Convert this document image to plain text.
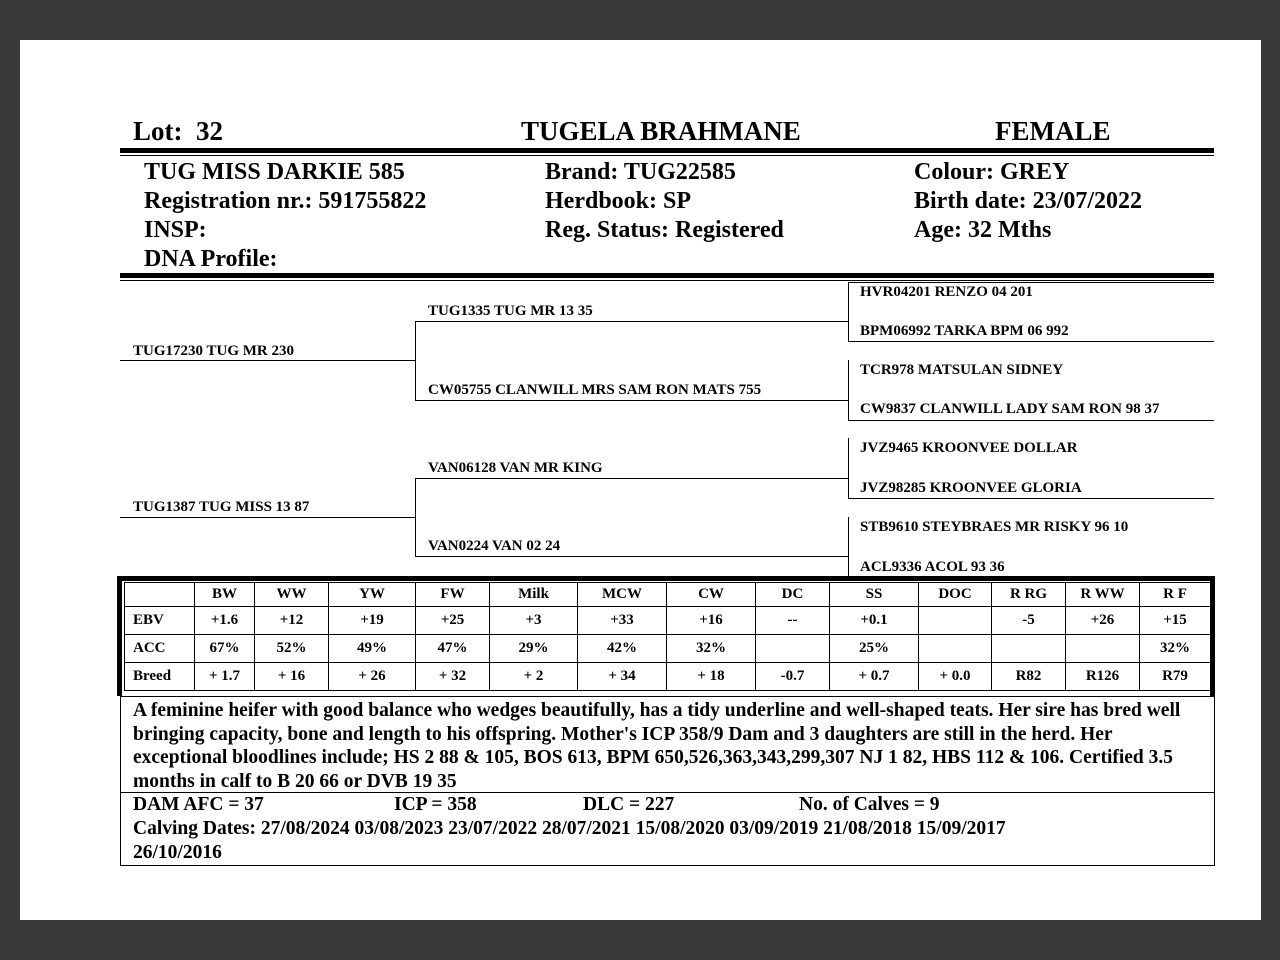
Lot: 32	TUGELA BRAHMANE	FEMALE
TUG MISS DARKIE 585
Registration nr.: 591755822
INSP:
DNA Profile:
Brand: TUG22585
Herdbook: SP
Reg. Status: Registered
Colour: GREY
Birth date: 23/07/2022
Age: 32 Mths
TUG17230 TUG MR 230
TUG1387 TUG MISS 13 87
TUG1335 TUG MR 13 35
CW05755 CLANWILL MRS SAM RON MATS 755
VAN06128 VAN MR KING
VAN0224 VAN 02 24
HVR04201 RENZO 04 201
BPM06992 TARKA BPM 06 992
TCR978 MATSULAN SIDNEY
CW9837 CLANWILL LADY SAM RON 98 37
JVZ9465 KROONVEE DOLLAR
JVZ98285 KROONVEE GLORIA
STB9610 STEYBRAES MR RISKY 96 10
ACL9336 ACOL 93 36
	BW	WW	YW	FW	Milk	MCW	CW	DC	SS	DOC	R RG	R WW	R F
EBV	+1.6	+12	+19	+25	+3	+33	+16	--	+0.1		-5	+26	+15
ACC	67%	52%	49%	47%	29%	42%	32%		25%				32%
Breed	+ 1.7	+ 16	+ 26	+ 32	+ 2	+ 34	+ 18	-0.7	+ 0.7	+ 0.0	R82	R126	R79
A feminine heifer with good balance who wedges beautifully, has a tidy underline and well-shaped teats. Her sire has bred well bringing capacity, bone and length to his offspring. Mother's ICP 358/9 Dam and 3 daughters are still in the herd. Her exceptional bloodlines include; HS 2 88 & 105, BOS 613, BPM 650,526,363,343,299,307 NJ 1 82, HBS 112 & 106. Certified 3.5 months in calf to B 20 66 or DVB 19 35
DAM AFC = 37	ICP = 358	DLC = 227	No. of Calves = 9
Calving Dates: 27/08/2024 03/08/2023 23/07/2022 28/07/2021 15/08/2020 03/09/2019 21/08/2018 15/09/2017
26/10/2016
